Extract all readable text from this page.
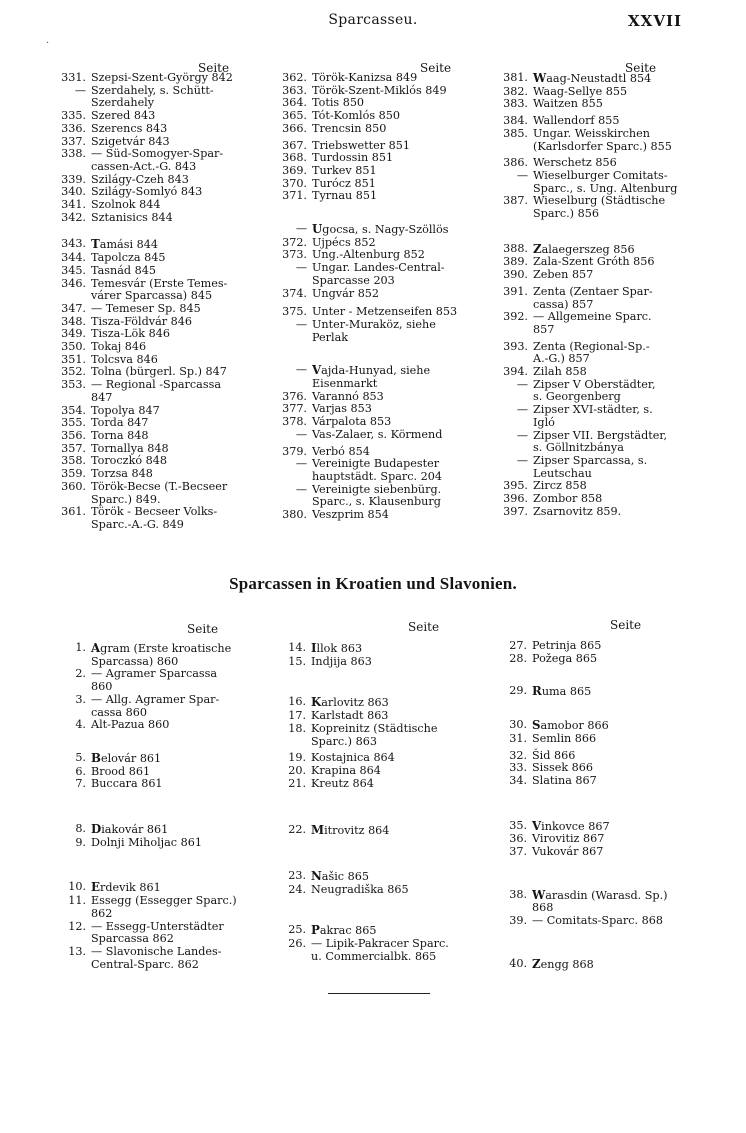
Sparcasseu.	XXVII
·
Seite	Seite	Seite
331. Szepsi-Szent-György 842
— Szerdahely, s. Schütt-
Szerdahely
335. Szered 843
336. Szerencs 843
337. Szigetvár 843
338. — Süd-Somogyer-Spar-
cassen-Act.-G. 843
339. Szilágy-Czeh 843
340. Szilágy-Somlyó 843
341. Szolnok 844
342. Sztanisics 844
343. Tamási 844
344. Tapolcza 845
345. Tasnád 845
346. Temesvár (Erste Temes-
várer Sparcassa) 845
347. — Temeser Sp. 845
348. Tisza-Földvár 846
349. Tisza-Lök 846
350. Tokaj 846
351. Tolcsva 846
352. Tolna (bürgerl. Sp.) 847
353. — Regional -Sparcassa
847
354. Topolya 847
355. Torda 847
356. Torna 848
357. Tornallya 848
358. Toroczkó 848
359. Torzsa 848
360. Török-Becse (T.-Becseer
Sparc.) 849.
361. Török - Becseer Volks-
Sparc.-A.-G. 849
362. Török-Kanizsa 849
363. Török-Szent-Miklós 849
364. Totis 850
365. Tót-Komlós 850
366. Trencsin 850
367. Triebswetter 851
368. Turdossin 851
369. Turkev 851
370. Turócz 851
371. Tyrnau 851
— Ugocsa, s. Nagy-Szöllös
372. Ujpécs 852
373. Ung.-Altenburg 852
— Ungar. Landes-Central-
Sparcasse 203
374. Ungvár 852
375. Unter - Metzenseifen 853
— Unter-Muraköz, siehe
Perlak
— Vajda-Hunyad, siehe
Eisenmarkt
376. Varannó 853
377. Varjas 853
378. Várpalota 853
— Vas-Zalaer, s. Körmend
379. Verbó 854
— Vereinigte Budapester
hauptstädt. Sparc. 204
— Vereinigte siebenbürg.
Sparc., s. Klausenburg
380. Veszprim 854
381. Waag-Neustadtl 854
382. Waag-Sellye 855
383. Waitzen 855
384. Wallendorf 855
385. Ungar. Weisskirchen
(Karlsdorfer Sparc.) 855
386. Werschetz 856
— Wieselburger Comitats-
Sparc., s. Ung. Altenburg
387. Wieselburg (Städtische
Sparc.) 856
388. Zalaegerszeg 856
389. Zala-Szent Gróth 856
390. Zeben 857
391. Zenta (Zentaer Spar-
cassa) 857
392. — Allgemeine Sparc.
857
393. Zenta (Regional-Sp.-
A.-G.) 857
394. Zilah 858
— Zipser V Oberstädter,
s. Georgenberg
— Zipser XVI-städter, s.
Igló
— Zipser VII. Bergstädter,
s. Göllnitzbánya
— Zipser Sparcassa, s.
Leutschau
395. Zircz 858
396. Zombor 858
397. Zsarnovitz 859.
Sparcassen in Kroatien und Slavonien.
Seite	Seite	Seite
1. Agram (Erste kroatische
Sparcassa) 860
2. — Agramer Sparcassa
860
3. — Allg. Agramer Spar-
cassa 860
4. Alt-Pazua 860
5. Belovár 861
6. Brood 861
7. Buccara 861
8. Diakovár 861
9. Dolnji Miholjac 861
10. Erdevik 861
11. Essegg (Essegger Sparc.)
862
12. — Essegg-Unterstädter
Sparcassa 862
13. — Slavonische Landes-
Central-Sparc. 862
14. Illok 863
15. Indjija 863
16. Karlovitz 863
17. Karlstadt 863
18. Kopreinitz (Städtische
Sparc.) 863
19. Kostajnica 864
20. Krapina 864
21. Kreutz 864
22. Mitrovitz 864
23. Našic 865
24. Neugradiška 865
25. Pakrac 865
26. — Lipik-Pakracer Sparc.
u. Commercialbk. 865
27. Petrinja 865
28. Požega 865
29. Ruma 865
30. Samobor 866
31. Semlin 866
32. Šid 866
33. Sissek 866
34. Slatina 867
35. Vinkovce 867
36. Virovitiz 867
37. Vukovár 867
38. Warasdin (Warasd. Sp.)
868
39. — Comitats-Sparc. 868
40. Zengg 868
